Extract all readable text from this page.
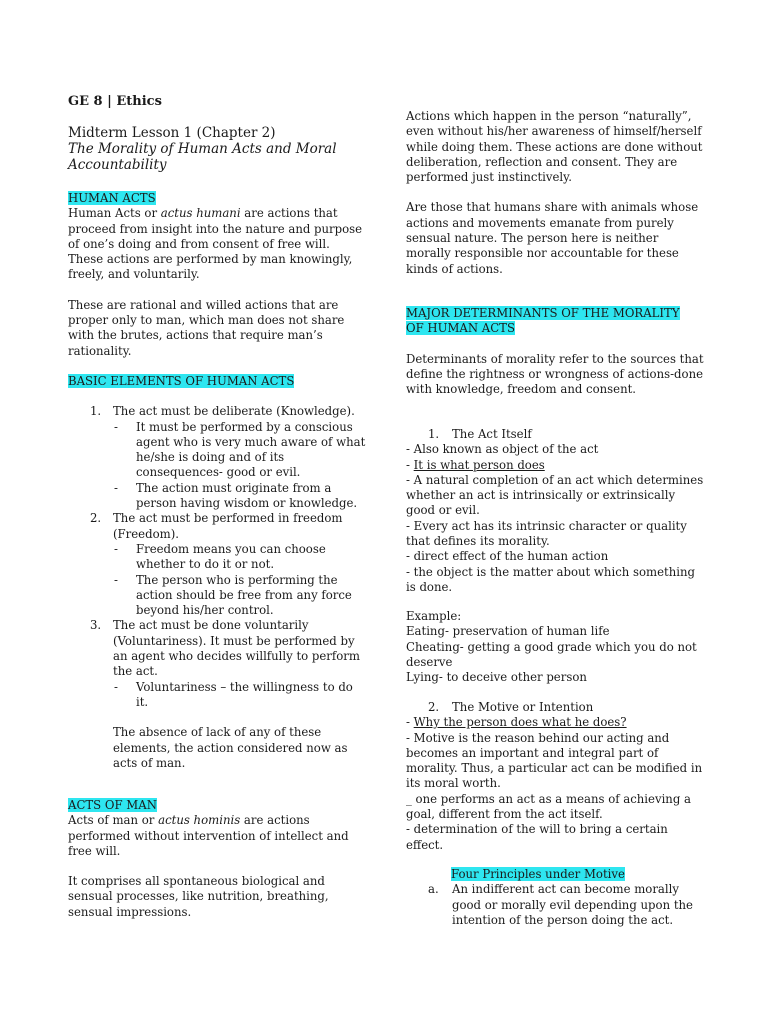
GE 8 | Ethics

Midterm Lesson 1 (Chapter 2)

The Morality of Human Acts and Moral Accountability

HUMAN ACTS

Human Acts or actus humani are actions that proceed from insight into the nature and purpose of one’s doing and from consent of free will. These actions are performed by man knowingly, freely, and voluntarily.

These are rational and willed actions that are proper only to man, which man does not share with the brutes, actions that require man’s rationality.

BASIC ELEMENTS OF HUMAN ACTS

1. The act must be deliberate (Knowledge).
- It must be performed by a conscious agent who is very much aware of what he/she is doing and of its consequences- good or evil.
- The action must originate from a person having wisdom or knowledge.
2. The act must be performed in freedom (Freedom).
- Freedom means you can choose whether to do it or not.
- The person who is performing the action should be free from any force beyond his/her control.
3. The act must be done voluntarily (Voluntariness). It must be performed by an agent who decides willfully to perform the act.
- Voluntariness – the willingness to do it.

The absence of lack of any of these elements, the action considered now as acts of man.

ACTS OF MAN

Acts of man or actus hominis are actions performed without intervention of intellect and free will.

It comprises all spontaneous biological and sensual processes, like nutrition, breathing, sensual impressions.

Actions which happen in the person “naturally”, even without his/her awareness of himself/herself while doing them. These actions are done without deliberation, reflection and consent. They are performed just instinctively.

Are those that humans share with animals whose actions and movements emanate from purely sensual nature. The person here is neither morally responsible nor accountable for these kinds of actions.

MAJOR DETERMINANTS OF THE MORALITY OF HUMAN ACTS

Determinants of morality refer to the sources that define the rightness or wrongness of actions-done with knowledge, freedom and consent.

1. The Act Itself

- Also known as object of the act

- It is what person does

- A natural completion of an act which determines whether an act is intrinsically or extrinsically good or evil.

- Every act has its intrinsic character or quality that defines its morality.

- direct effect of the human action

- the object is the matter about which something is done.

Example:

Eating- preservation of human life

Cheating- getting a good grade which you do not deserve

Lying- to deceive other person

2. The Motive or Intention

- Why the person does what he does?

- Motive is the reason behind our acting and becomes an important and integral part of morality. Thus, a particular act can be modified in its moral worth.

_ one performs an act as a means of achieving a goal, different from the act itself.

- determination of the will to bring a certain effect.

Four Principles under Motive

a. An indifferent act can become morally good or morally evil depending upon the intention of the person doing the act.
